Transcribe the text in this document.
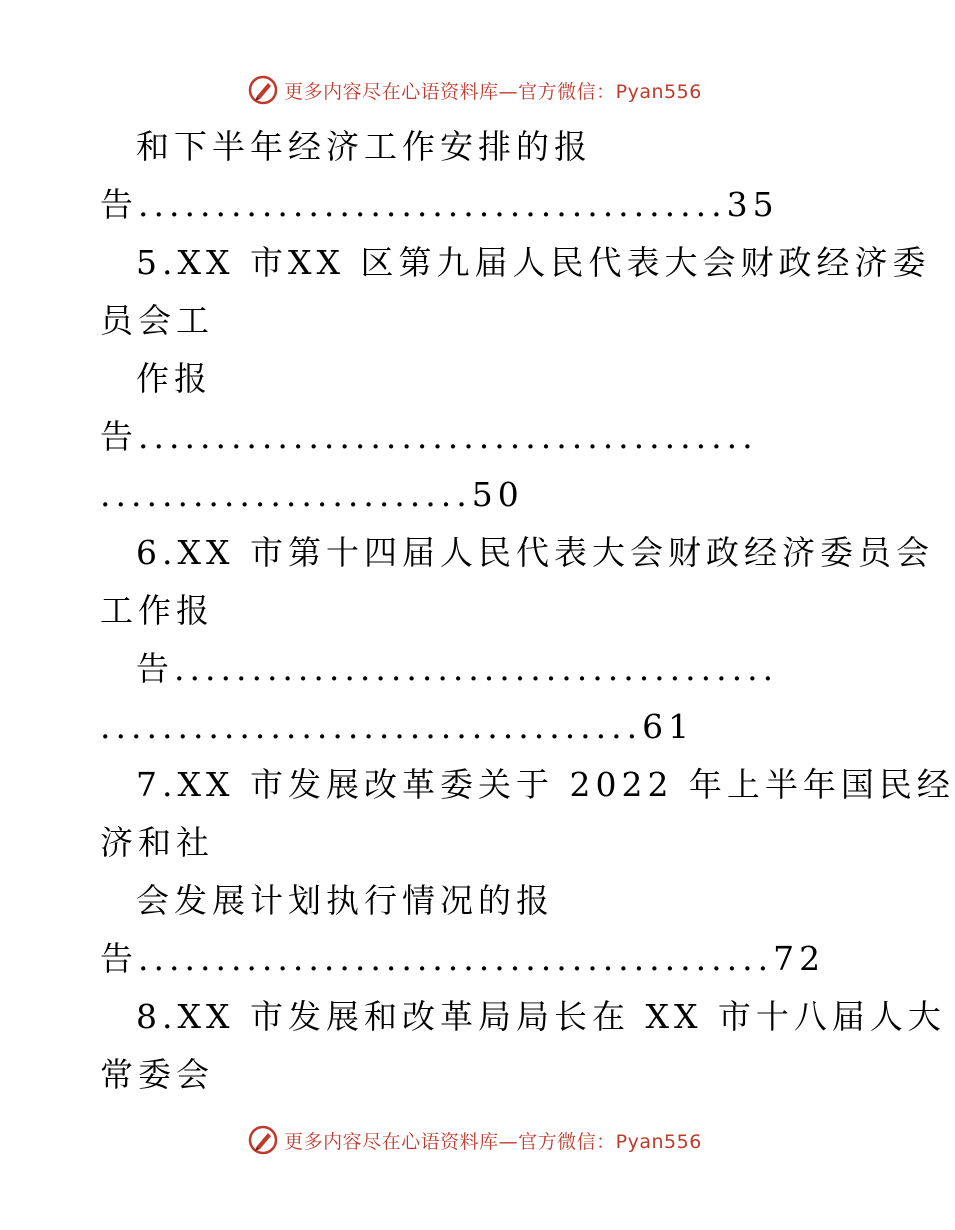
更多内容尽在心语资料库—官方微信：Pyan556
和下半年经济工作安排的报
告......................................35
5.XX 市XX 区第九届人民代表大会财政经济委
员会工
作报
告........................................
........................50
6.XX 市第十四届人民代表大会财政经济委员会
工作报
告.......................................
...................................61
7.XX 市发展改革委关于 2022 年上半年国民经
济和社
会发展计划执行情况的报
告.........................................72
8.XX 市发展和改革局局长在 XX 市十八届人大
常委会
更多内容尽在心语资料库—官方微信：Pyan556
